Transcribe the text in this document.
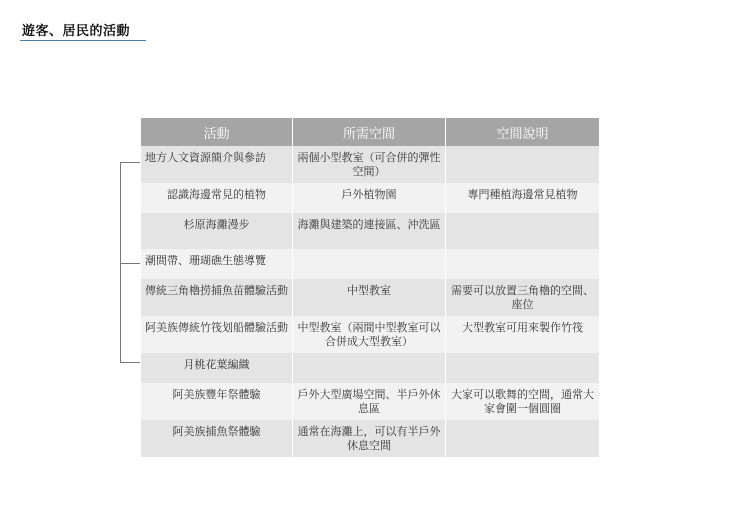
遊客、居民的活動
活動	所需空間	空間說明
地方人文資源簡介與參訪	兩個小型教室（可合併的彈性空間）	
認識海邊常見的植物	戶外植物園	專門種植海邊常見植物
杉原海灘漫步	海灘與建築的連接區、沖洗區	
潮間帶、珊瑚礁生態導覽		
傳統三角櫓捞捕魚苗體驗活動	中型教室	需要可以放置三角櫓的空間、座位
阿美族傳統竹筏划船體驗活動	中型教室（兩間中型教室可以合併成大型教室）	大型教室可用來製作竹筏
月桃花葉編織		
阿美族豐年祭體驗	戶外大型廣場空間、半戶外休息區	大家可以歌舞的空間，通常大家會圍一個圓圈
阿美族捕魚祭體驗	通常在海灘上，可以有半戶外休息空間	
